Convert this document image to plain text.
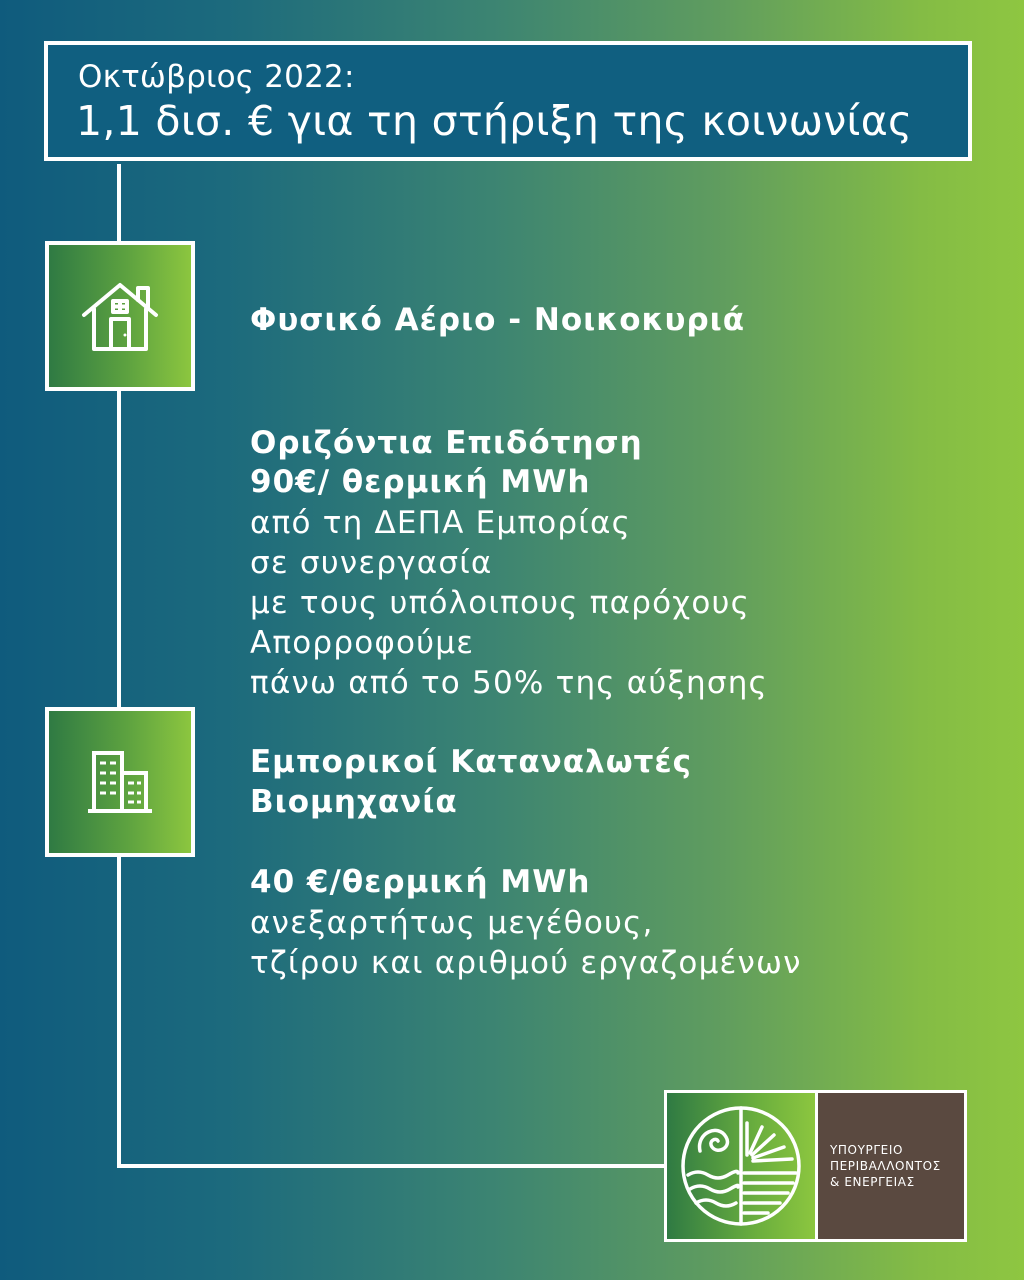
Οκτώβριος 2022:
1,1 δισ. € για τη στήριξη της κοινωνίας
Φυσικό Αέριο - Νοικοκυριά
Οριζόντια Επιδότηση
90€/ θερμική MWh
από τη ΔΕΠΑ Εμπορίας
σε συνεργασία
με τους υπόλοιπους παρόχους
Απορροφούμε
πάνω από το 50% της αύξησης
Εμπορικοί Καταναλωτές
Βιομηχανία
40 €/θερμική MWh
ανεξαρτήτως μεγέθους,
τζίρου και αριθμού εργαζομένων
ΥΠΟΥΡΓΕΙΟ
ΠΕΡΙΒΑΛΛΟΝΤΟΣ
& ΕΝΕΡΓΕΙΑΣ
